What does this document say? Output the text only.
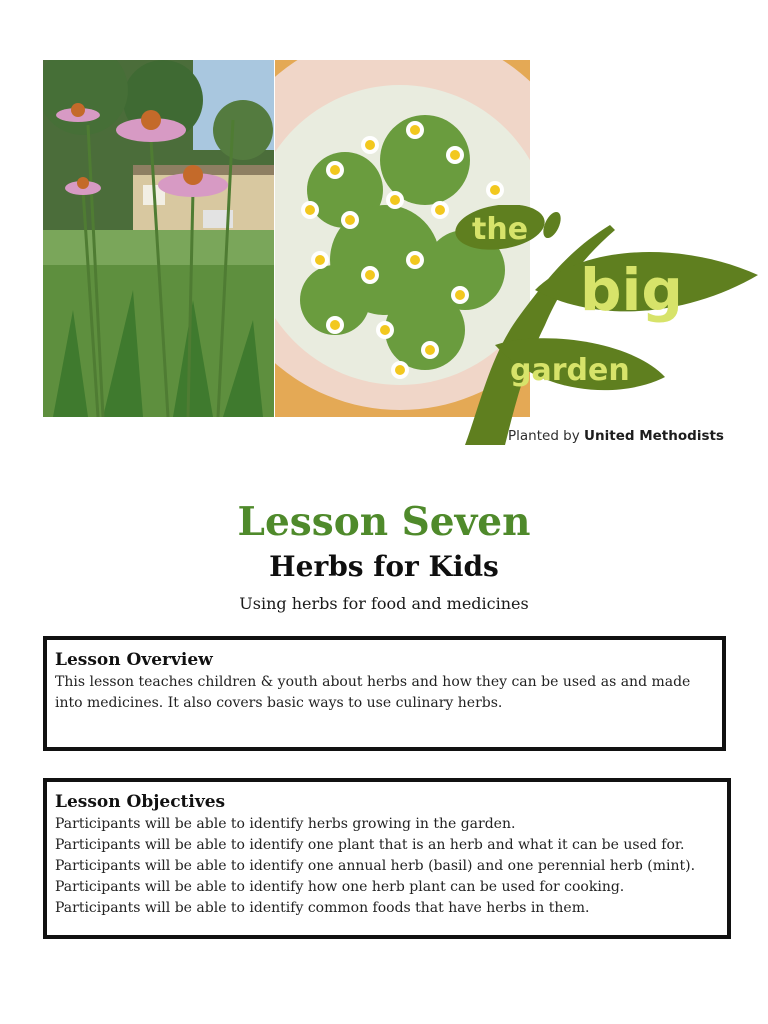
the
big
garden
Planted by United Methodists
Lesson Seven
Herbs for Kids
Using herbs for food and medicines
Lesson Overview

This lesson teaches children & youth about herbs and how they can be used as and made into medicines. It also covers basic ways to use culinary herbs.

Lesson Objectives
Participants will be able to identify herbs growing in the garden.
Participants will be able to identify one plant that is an herb and what it can be used for.
Participants will be able to identify one annual herb (basil) and one perennial herb (mint).
Participants will be able to identify how one herb plant can be used for cooking.
Participants will be able to identify common foods that have herbs in them.
